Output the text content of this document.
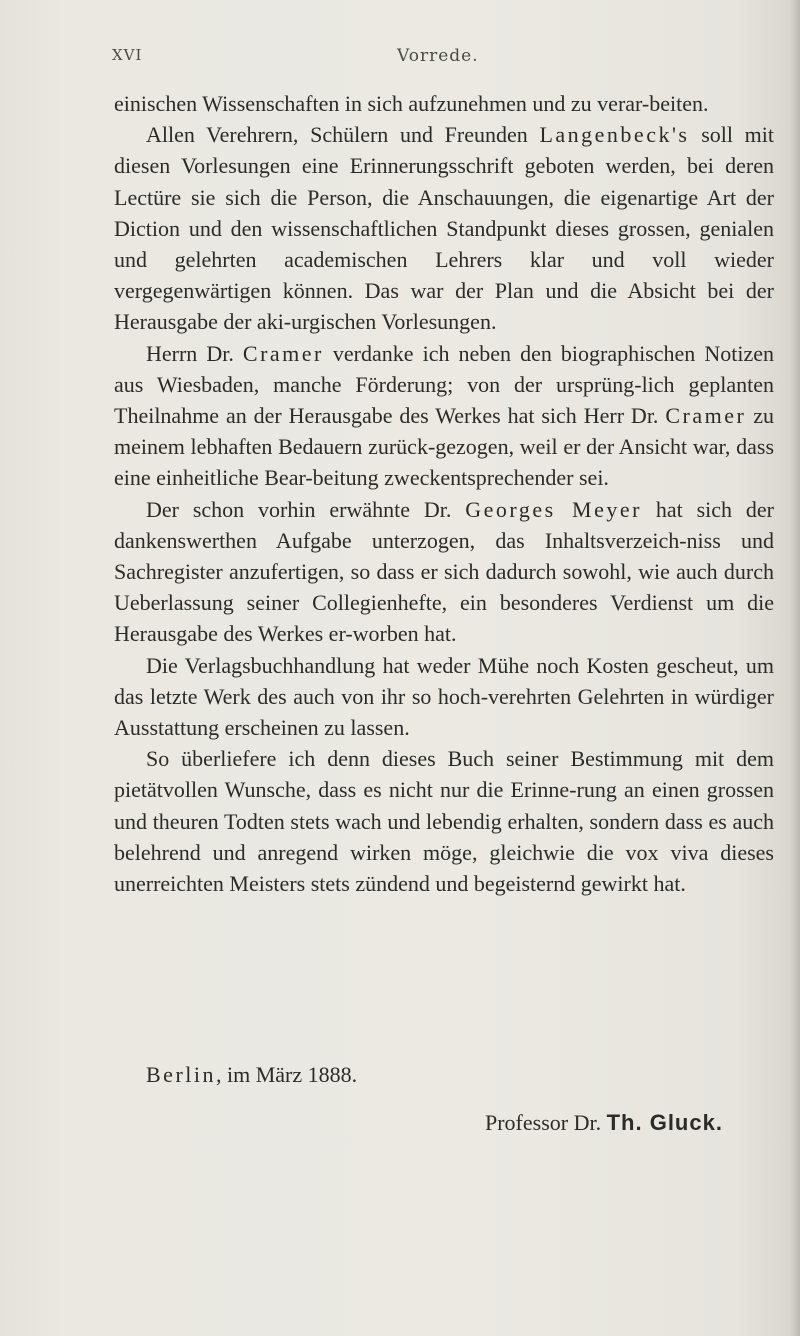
XVI	Vorrede.

einischen Wissenschaften in sich aufzunehmen und zu verar-beiten.

Allen Verehrern, Schülern und Freunden Langenbeck's soll mit diesen Vorlesungen eine Erinnerungsschrift geboten werden, bei deren Lectüre sie sich die Person, die Anschauungen, die eigenartige Art der Diction und den wissenschaftlichen Standpunkt dieses grossen, genialen und gelehrten academischen Lehrers klar und voll wieder vergegenwärtigen können. Das war der Plan und die Absicht bei der Herausgabe der aki-urgischen Vorlesungen.

Herrn Dr. Cramer verdanke ich neben den biographischen Notizen aus Wiesbaden, manche Förderung; von der ursprüng-lich geplanten Theilnahme an der Herausgabe des Werkes hat sich Herr Dr. Cramer zu meinem lebhaften Bedauern zurück-gezogen, weil er der Ansicht war, dass eine einheitliche Bear-beitung zweckentsprechender sei.

Der schon vorhin erwähnte Dr. Georges Meyer hat sich der dankenswerthen Aufgabe unterzogen, das Inhaltsverzeich-niss und Sachregister anzufertigen, so dass er sich dadurch sowohl, wie auch durch Ueberlassung seiner Collegienhefte, ein besonderes Verdienst um die Herausgabe des Werkes er-worben hat.

Die Verlagsbuchhandlung hat weder Mühe noch Kosten gescheut, um das letzte Werk des auch von ihr so hoch-verehrten Gelehrten in würdiger Ausstattung erscheinen zu lassen.

So überliefere ich denn dieses Buch seiner Bestimmung mit dem pietätvollen Wunsche, dass es nicht nur die Erinne-rung an einen grossen und theuren Todten stets wach und lebendig erhalten, sondern dass es auch belehrend und anregend wirken möge, gleichwie die vox viva dieses unerreichten Meisters stets zündend und begeisternd gewirkt hat.

Berlin, im März 1888.
Professor Dr. Th. Gluck.
